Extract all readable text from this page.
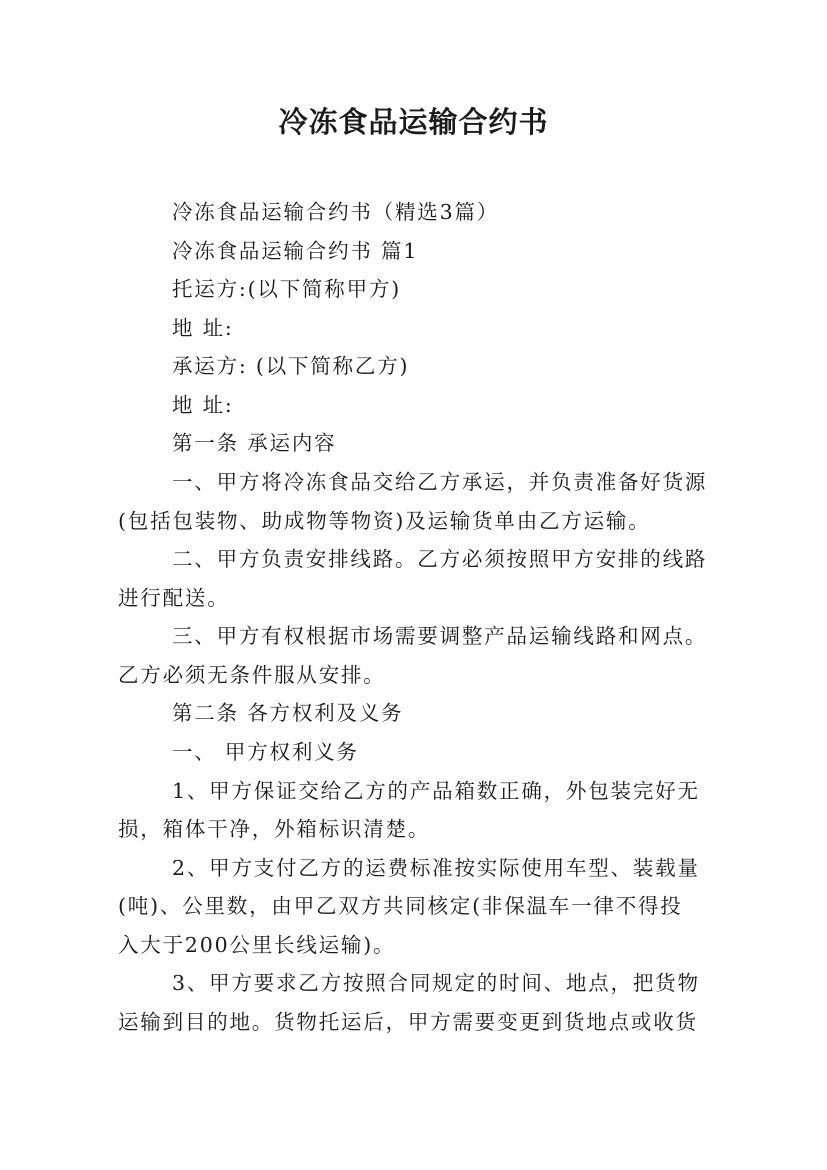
冷冻食品运输合约书
冷冻食品运输合约书（精选3篇）
冷冻食品运输合约书 篇1
托运方:(以下简称甲方)
地 址:
承运方: (以下简称乙方)
地 址:
第一条 承运内容
一、甲方将冷冻食品交给乙方承运，并负责准备好货源
(包括包装物、助成物等物资)及运输货单由乙方运输。
二、甲方负责安排线路。乙方必须按照甲方安排的线路
进行配送。
三、甲方有权根据市场需要调整产品运输线路和网点。
乙方必须无条件服从安排。
第二条 各方权利及义务
一、 甲方权利义务
1、甲方保证交给乙方的产品箱数正确，外包装完好无
损，箱体干净，外箱标识清楚。
2、甲方支付乙方的运费标准按实际使用车型、装载量
(吨)、公里数，由甲乙双方共同核定(非保温车一律不得投
入大于200公里长线运输)。
3、甲方要求乙方按照合同规定的时间、地点，把货物
运输到目的地。货物托运后，甲方需要变更到货地点或收货
